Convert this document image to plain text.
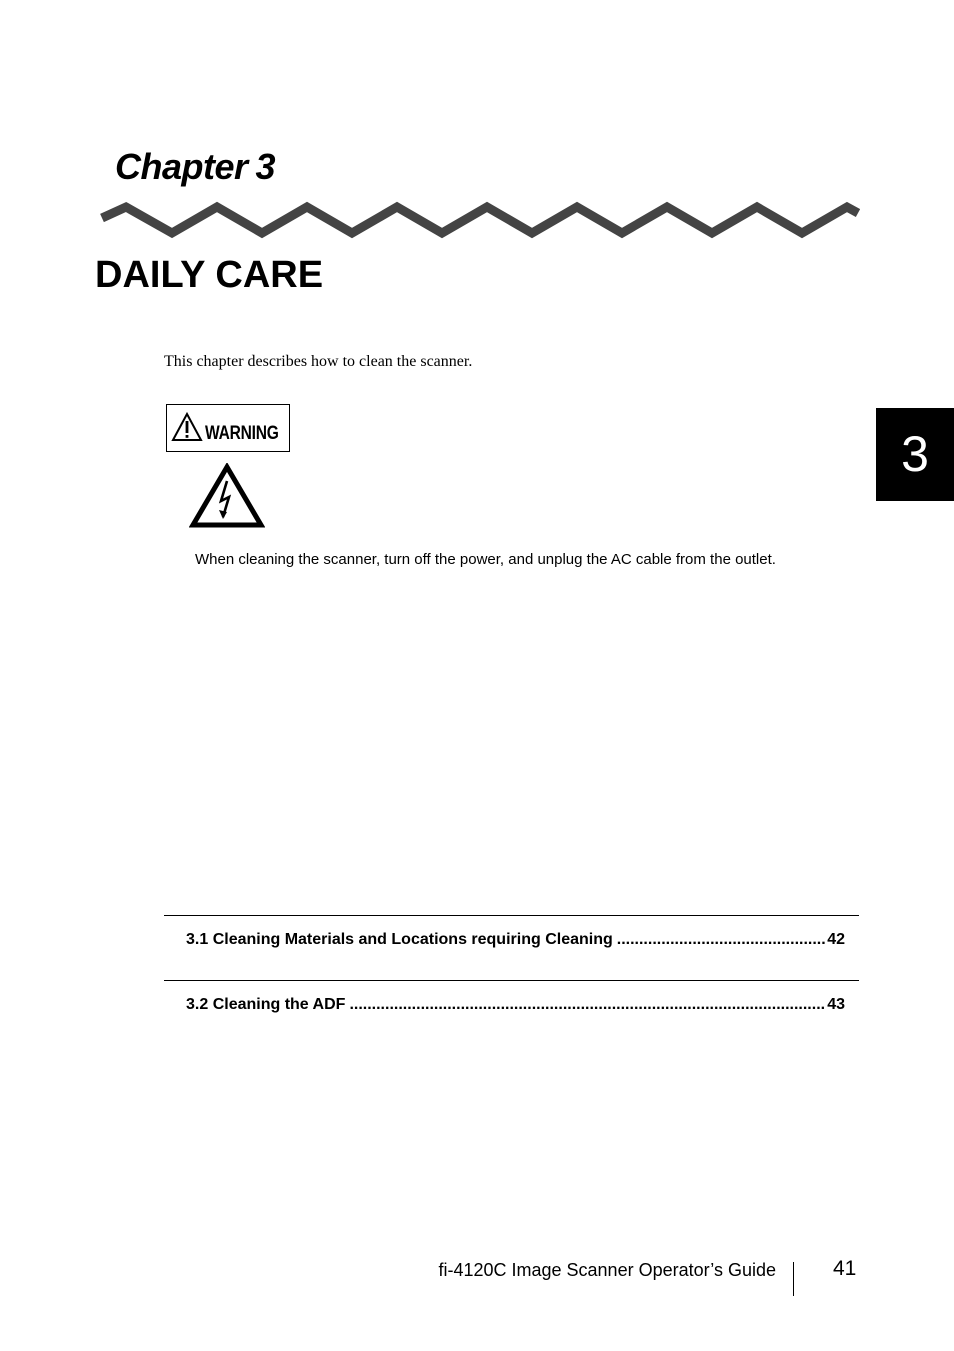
Chapter 3
DAILY CARE
This chapter describes how to clean the scanner.
WARNING
When cleaning the scanner, turn off the power, and unplug the AC cable from the outlet.
3
3.1 Cleaning Materials and Locations requiring Cleaning .....	42
3.2 Cleaning the ADF .....	43
fi-4120C Image Scanner Operator’s Guide	41
